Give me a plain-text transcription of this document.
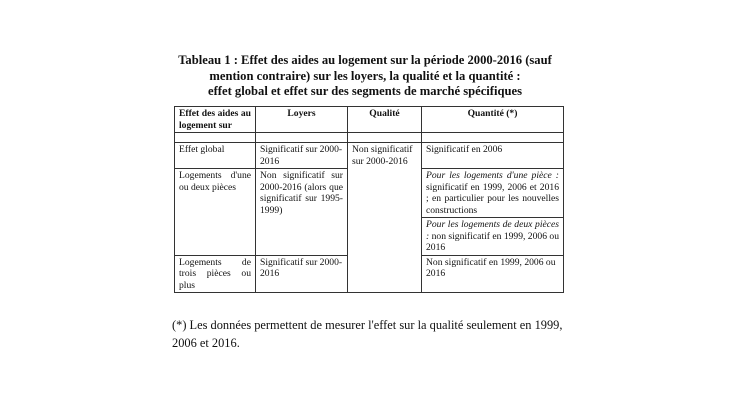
Tableau 1 : Effet des aides au logement sur la période 2000-2016 (sauf
mention contraire) sur les loyers, la qualité et la quantité :
effet global et effet sur des segments de marché spécifiques
Effet des aides au logement sur	Loyers	Qualité	Quantité (*)

Effet global	Significatif sur 2000-2016	Non significatif sur 2000-2016	Significatif en 2006
Logements d'une ou deux pièces	Non significatif sur 2000-2016 (alors que significatif sur 1995-1999)		Pour les logements d'une pièce : significatif en 1999, 2006 et 2016 ; en particulier pour les nouvelles constructions
			Pour les logements de deux pièces : non significatif en 1999, 2006 ou 2016
Logements de trois pièces ou plus	Significatif sur 2000-2016		Non significatif en 1999, 2006 ou 2016
(*) Les données permettent de mesurer l'effet sur la qualité seulement en 1999, 2006 et 2016.
